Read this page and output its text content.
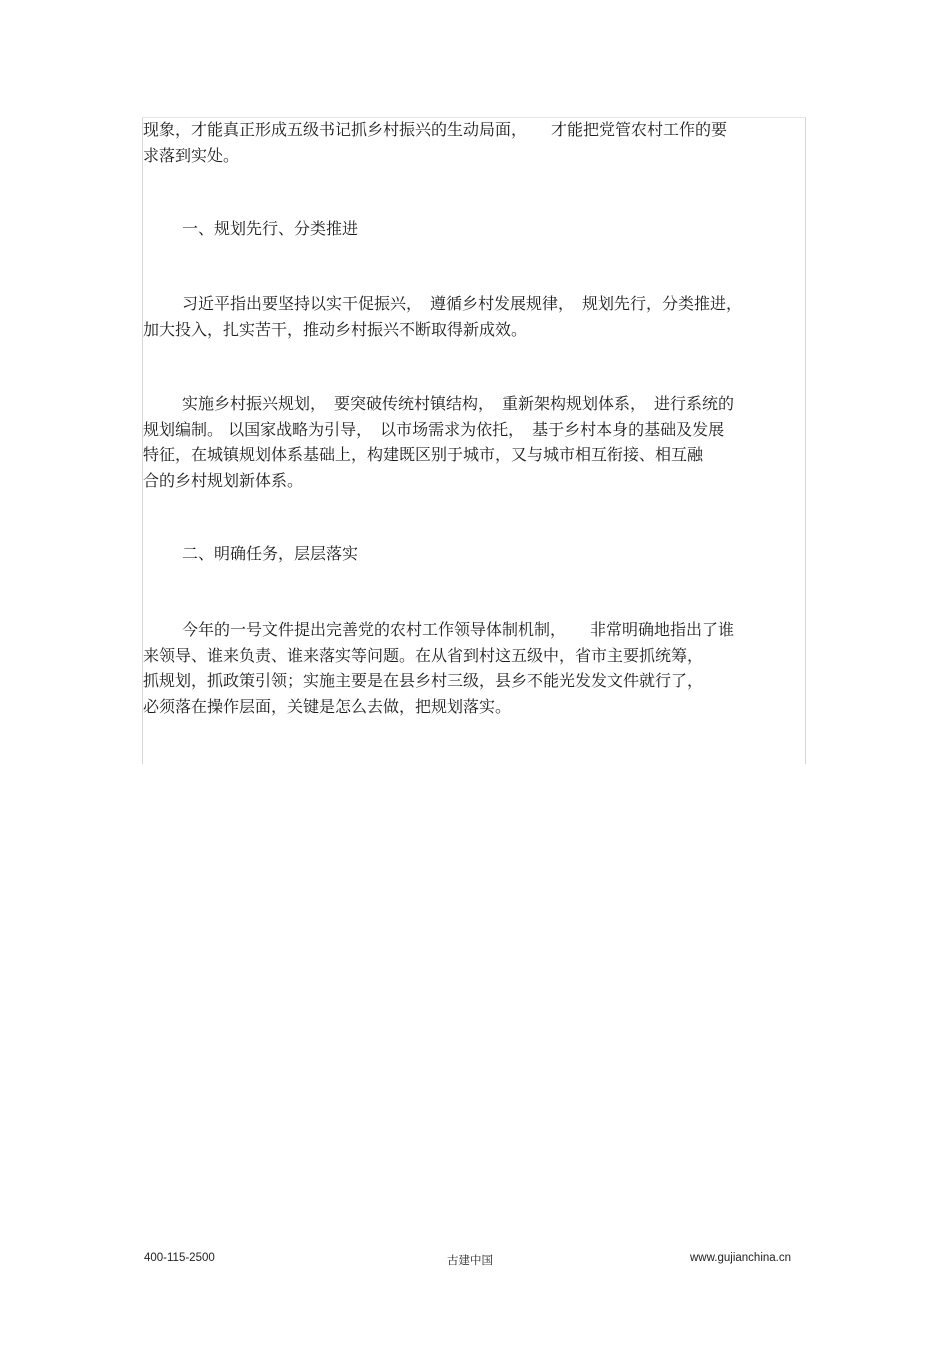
现象，才能真正形成五级书记抓乡村振兴的生动局面，　　才能把党管农村工作的要
求落到实处。
一、规划先行、分类推进
习近平指出要坚持以实干促振兴，　遵循乡村发展规律，　规划先行，分类推进，
加大投入，扎实苦干，推动乡村振兴不断取得新成效。
实施乡村振兴规划，　要突破传统村镇结构，　重新架构规划体系，　进行系统的
规划编制。 以国家战略为引导，　以市场需求为依托，　基于乡村本身的基础及发展
特征，在城镇规划体系基础上，构建既区别于城市，又与城市相互衔接、相互融
合的乡村规划新体系。
二、明确任务，层层落实
今年的一号文件提出完善党的农村工作领导体制机制，　　非常明确地指出了谁
来领导、谁来负责、谁来落实等问题。在从省到村这五级中，省市主要抓统筹，
抓规划，抓政策引领；实施主要是在县乡村三级，县乡不能光发发文件就行了，
必须落在操作层面，关键是怎么去做，把规划落实。
400-115-2500	古建中国	www.gujianchina.cn
